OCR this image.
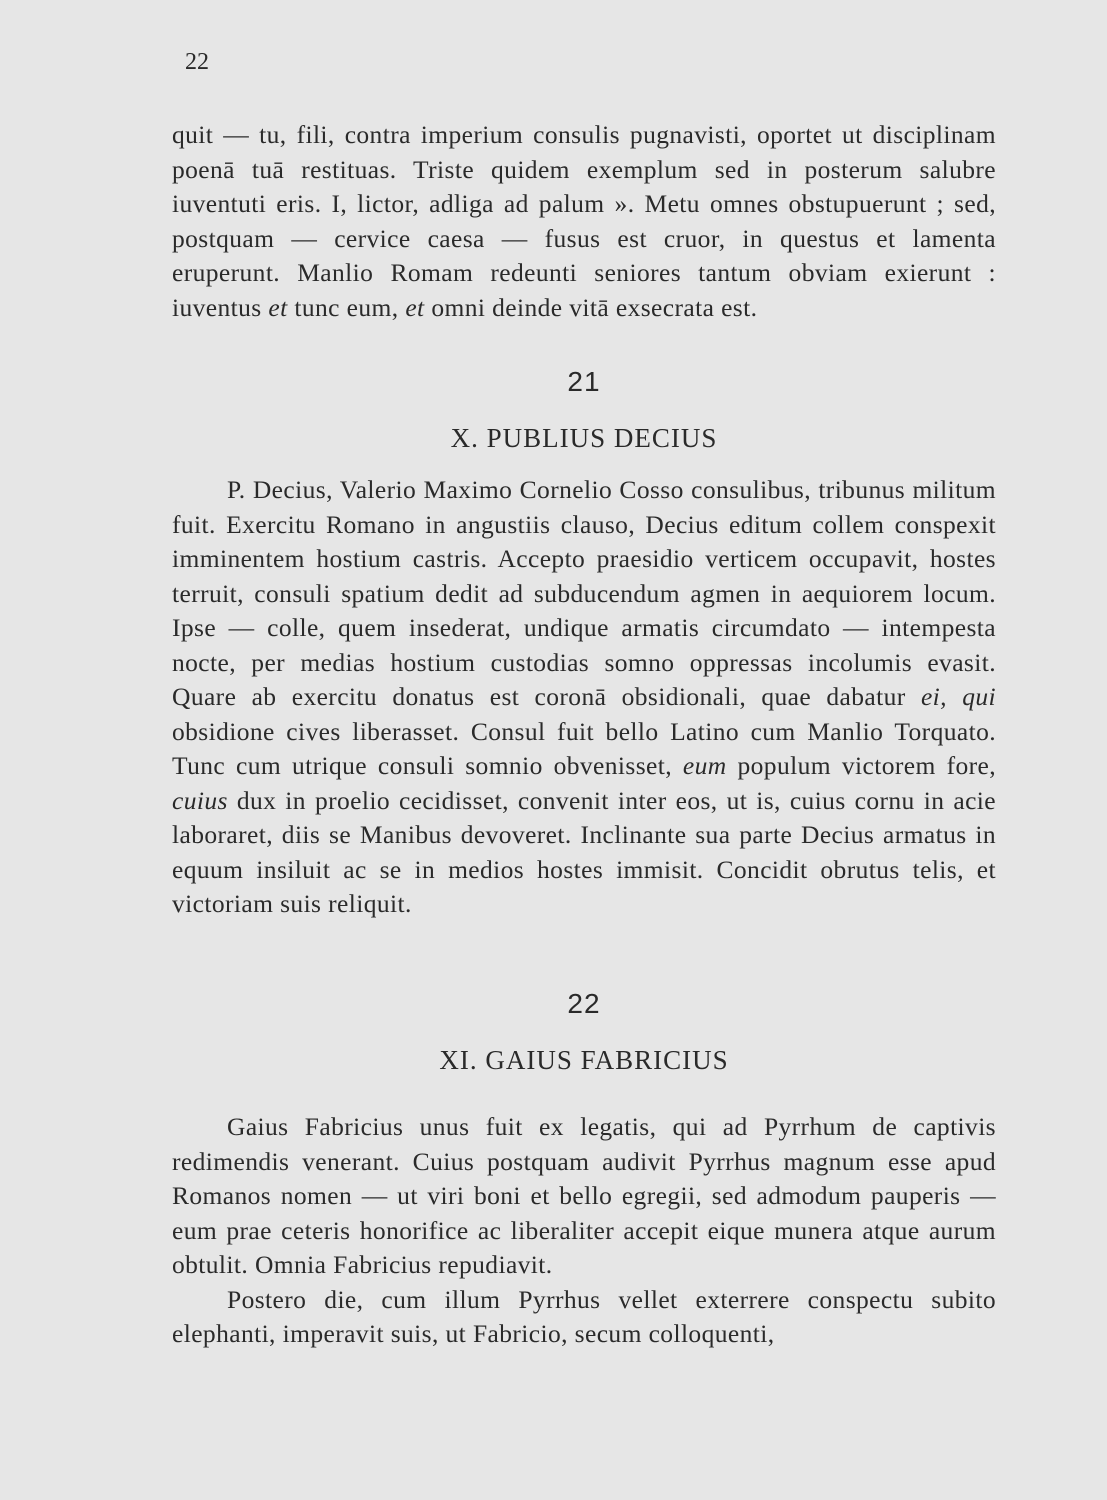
22

quit — tu, fili, contra imperium consulis pugnavisti, oportet ut disciplinam poenā tuā restituas. Triste quidem exemplum sed in posterum salubre iuventuti eris. I, lictor, adliga ad palum ». Metu omnes obstupuerunt ; sed, postquam — cervice caesa — fusus est cruor, in questus et lamenta eruperunt. Manlio Romam redeunti seniores tantum obviam exierunt : iuventus et tunc eum, et omni deinde vitā exsecrata est.

21
X. PUBLIUS DECIUS

P. Decius, Valerio Maximo Cornelio Cosso consulibus, tribunus militum fuit. Exercitu Romano in angustiis clauso, Decius editum collem conspexit imminentem hostium castris. Accepto praesidio verticem occupavit, hostes terruit, consuli spatium dedit ad subducendum agmen in aequiorem locum. Ipse — colle, quem insederat, undique armatis circumdato — intempesta nocte, per medias hostium custodias somno oppressas incolumis evasit. Quare ab exercitu donatus est coronā obsidionali, quae dabatur ei, qui obsidione cives liberasset. Consul fuit bello Latino cum Manlio Torquato. Tunc cum utrique consuli somnio obvenisset, eum populum victorem fore, cuius dux in proelio cecidisset, convenit inter eos, ut is, cuius cornu in acie laboraret, diis se Manibus devoveret. Inclinante sua parte Decius armatus in equum insiluit ac se in medios hostes immisit. Concidit obrutus telis, et victoriam suis reliquit.

22
XI. GAIUS FABRICIUS

Gaius Fabricius unus fuit ex legatis, qui ad Pyrrhum de captivis redimendis venerant. Cuius postquam audivit Pyrrhus magnum esse apud Romanos nomen — ut viri boni et bello egregii, sed admodum pauperis — eum prae ceteris honorifice ac liberaliter accepit eique munera atque aurum obtulit. Omnia Fabricius repudiavit.

Postero die, cum illum Pyrrhus vellet exterrere conspectu subito elephanti, imperavit suis, ut Fabricio, secum colloquenti,
